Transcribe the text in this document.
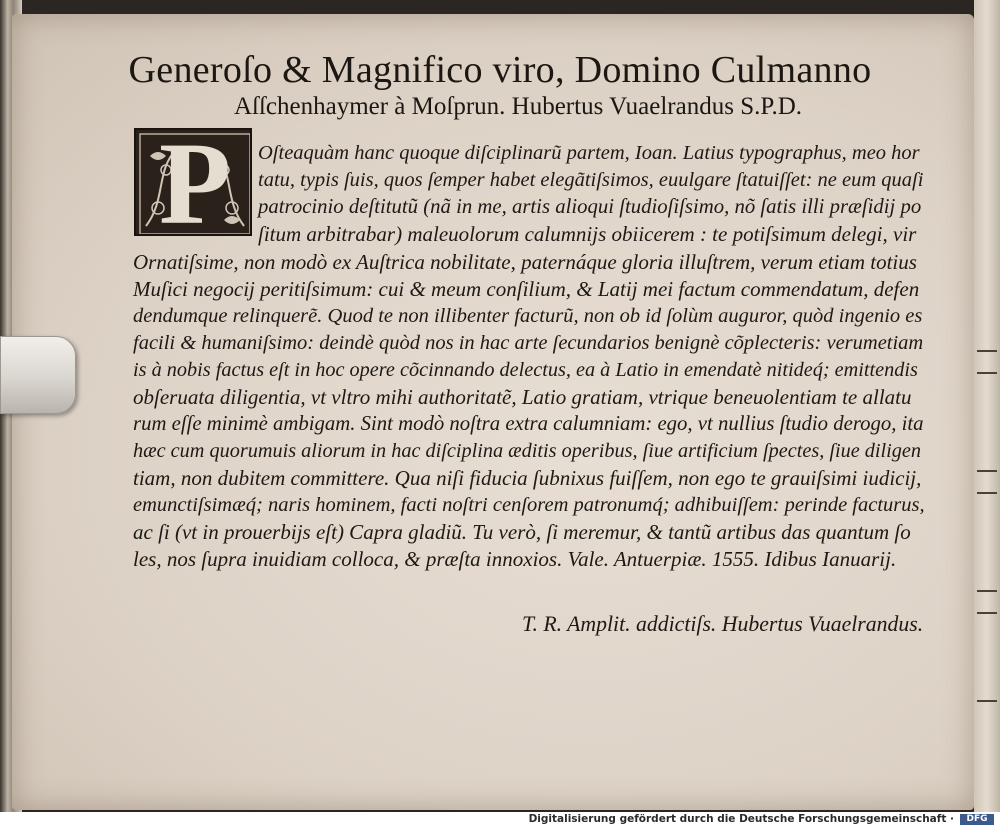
Generoſo & Magnifico viro, Domino Culmanno
Aſſchenhaymer à Moſprun. Hubertus Vuaelrandus S.P.D.
P	Oſteaquàm hanc quoque diſciplinarũ partem, Ioan. Latius typographus, meo hor

tatu, typis ſuis, quos ſemper habet elegãtiſsimos, euulgare ſtatuiſſet: ne eum quaſi

patrocinio deſtitutũ (nã in me, artis alioqui ſtudioſiſsimo, nõ ſatis illi præſidij po

ſitum arbitrabar) maleuolorum calumnijs obiicerem : te potiſsimum delegi, vir

Ornatiſsime, non modò ex Auſtrica nobilitate, paternáque gloria illuſtrem, verum etiam totius

Muſici negocij peritiſsimum: cui & meum conſilium, & Latij mei factum commendatum, defen

dendumque relinquerẽ. Quod te non illibenter facturũ, non ob id ſolùm auguror, quòd ingenio es

facili & humaniſsimo: deindè quòd nos in hac arte ſecundarios benignè cõplecteris: verumetiam

is à nobis factus eſt in hoc opere cõcinnando delectus, ea à Latio in emendatè nitideq́; emittendis

obſeruata diligentia, vt vltro mihi authoritatẽ, Latio gratiam, vtrique beneuolentiam te allatu

rum eſſe minimè ambigam. Sint modò noſtra extra calumniam: ego, vt nullius ſtudio derogo, ita

hæc cum quorumuis aliorum in hac diſciplina æditis operibus, ſiue artificium ſpectes, ſiue diligen

tiam, non dubitem committere. Qua niſi fiducia ſubnixus fuiſſem, non ego te grauiſsimi iudicij,

emunctiſsimæq́; naris hominem, facti noſtri cenſorem patronumq́; adhibuiſſem: perinde facturus,

ac ſi (vt in prouerbijs eſt) Capra gladiũ. Tu verò, ſi meremur, & tantũ artibus das quantum ſo

les, nos ſupra inuidiam colloca, & præſta innoxios. Vale. Antuerpiæ. 1555. Idibus Ianuarij.

T. R. Amplit. addictiſs. Hubertus Vuaelrandus.

Digitalisierung gefördert durch die Deutsche Forschungsgemeinschaft ·	DFG
